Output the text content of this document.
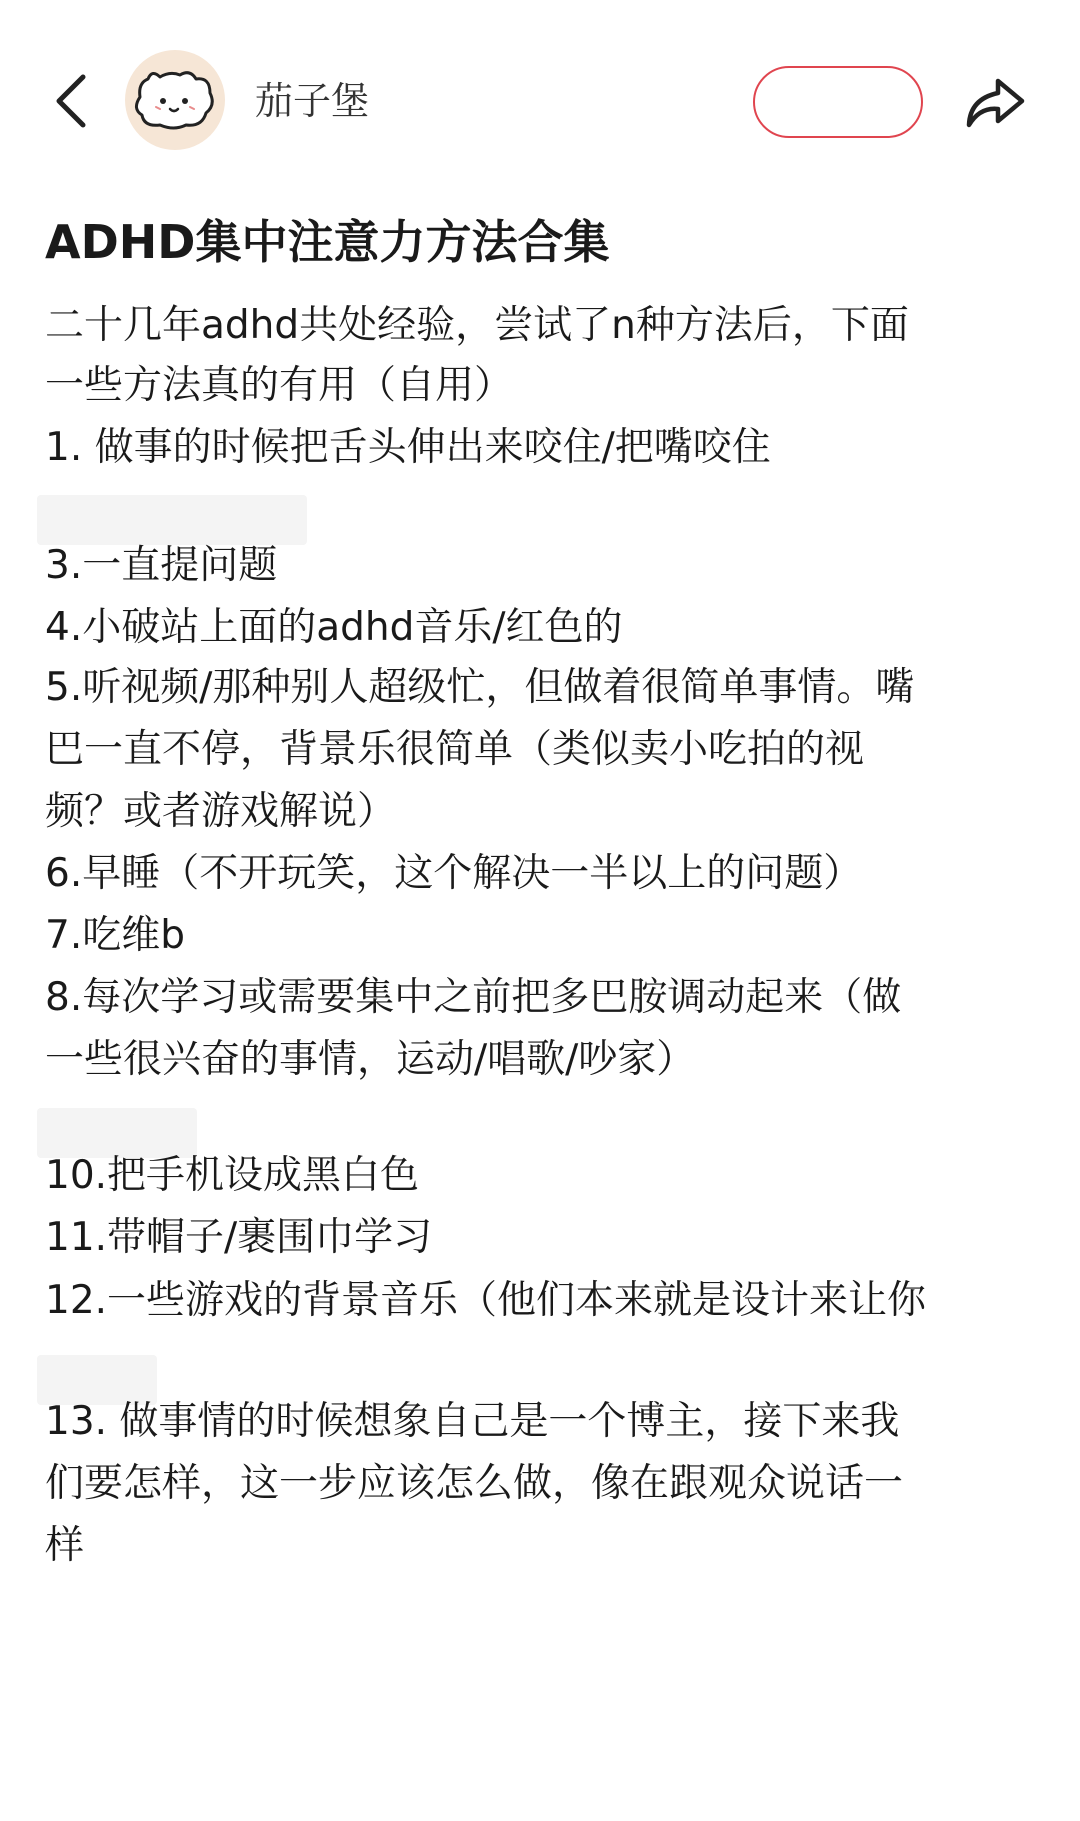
茄子堡
ADHD集中注意力方法合集
二十几年adhd共处经验，尝试了n种方法后，下面
一些方法真的有用（自用）
1. 做事的时候把舌头伸出来咬住/把嘴咬住
3.一直提问题
4.小破站上面的adhd音乐/红色的
5.听视频/那种别人超级忙，但做着很简单事情。嘴
巴一直不停，背景乐很简单（类似卖小吃拍的视
频？或者游戏解说）
6.早睡（不开玩笑，这个解决一半以上的问题）
7.吃维b
8.每次学习或需要集中之前把多巴胺调动起来（做
一些很兴奋的事情，运动/唱歌/吵家）
10.把手机设成黑白色
11.带帽子/裹围巾学习
12.一些游戏的背景音乐（他们本来就是设计来让你
13. 做事情的时候想象自己是一个博主，接下来我
们要怎样，这一步应该怎么做，像在跟观众说话一
样
